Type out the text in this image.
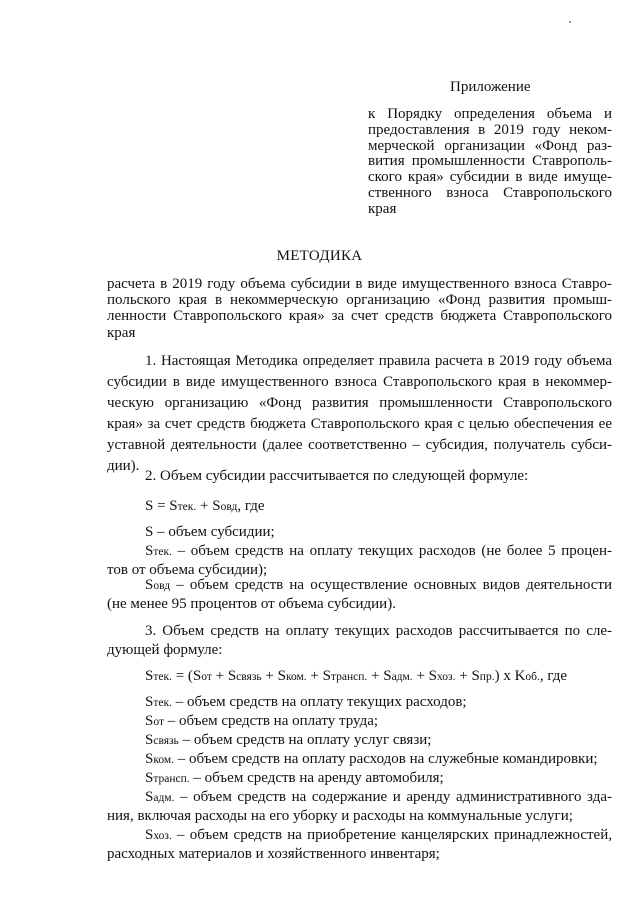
Приложение
к Порядку определения объема и предоставления в 2019 году неком- мерческой организации «Фонд раз- вития промышленности Ставрополь- ского края» субсидии в виде имуще- ственного взноса Ставропольского края
МЕТОДИКА
расчета в 2019 году объема субсидии в виде имущественного взноса Ставро- польского края в некоммерческую организацию «Фонд развития промыш- ленности Ставропольского края» за счет средств бюджета Ставропольского края
1. Настоящая Методика определяет правила расчета в 2019 году объема
субсидии в виде имущественного взноса Ставропольского края в некоммер-
ческую организацию «Фонд развития промышленности Ставропольского
края» за счет средств бюджета Ставропольского края с целью обеспечения ее
уставной деятельности (далее соответственно – субсидия, получатель субси-
дии).
2. Объем субсидии рассчитывается по следующей формуле:
S = Sтек. + Sовд, где
S – объем субсидии;
Sтек. – объем средств на оплату текущих расходов (не более 5 процен-
тов от объема субсидии);
Sовд – объем средств на осуществление основных видов деятельности
(не менее 95 процентов от объема субсидии).
3. Объем средств на оплату текущих расходов рассчитывается по сле-
дующей формуле:
Sтек. = (Sот + Sсвязь + Sком. + Sтрансп. + Sадм. + Sхоз. + Sпр.) х Kоб., где
Sтек. – объем средств на оплату текущих расходов;
Sот – объем средств на оплату труда;
Sсвязь – объем средств на оплату услуг связи;
Sком. – объем средств на оплату расходов на служебные командировки;
Sтрансп. – объем средств на аренду автомобиля;
Sадм. – объем средств на содержание и аренду административного зда-
ния, включая расходы на его уборку и расходы на коммунальные услуги;
Sхоз. – объем средств на приобретение канцелярских принадлежностей,
расходных материалов и хозяйственного инвентаря;
